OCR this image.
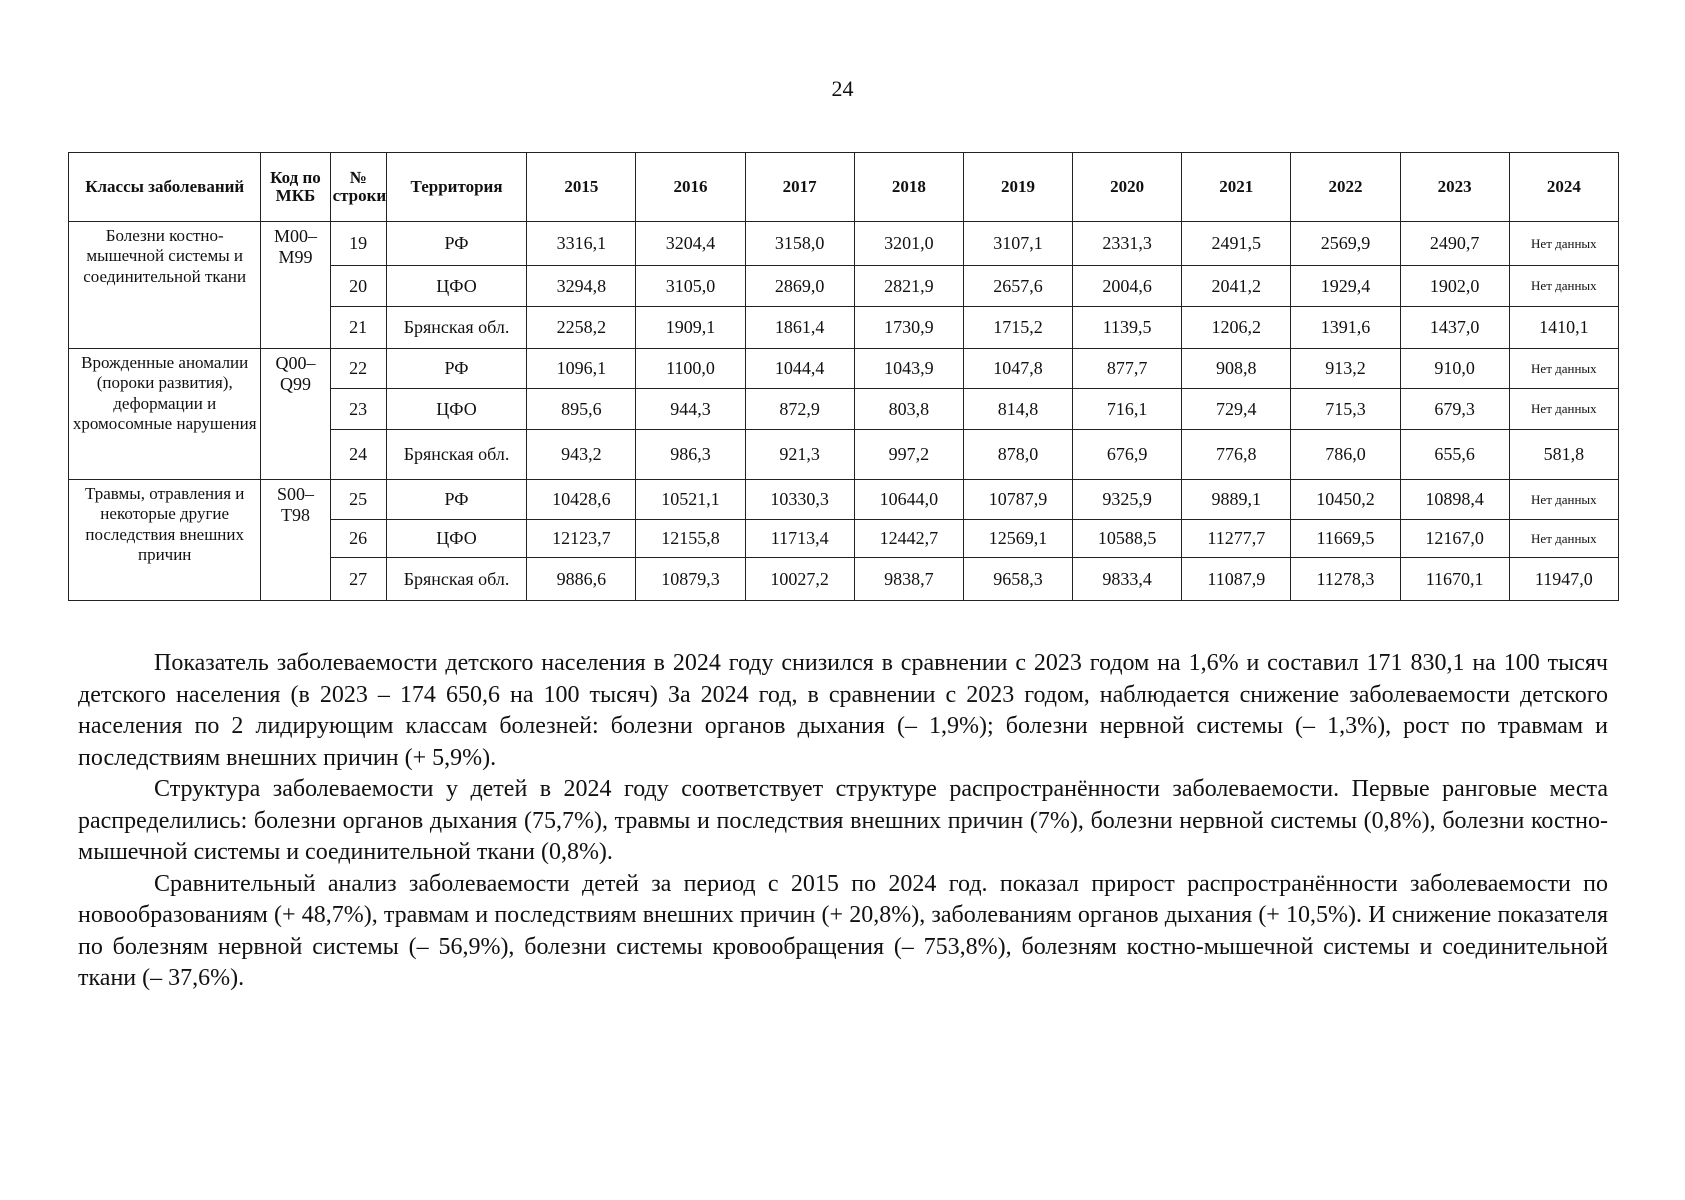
24
Классы заболеваний	Код по МКБ	№ строки	Территория	2015	2016	2017	2018	2019	2020	2021	2022	2023	2024
Болезни костно-мышечной системы и соединительной ткани	M00–M99	19	РФ	3316,1	3204,4	3158,0	3201,0	3107,1	2331,3	2491,5	2569,9	2490,7	Нет данных
		20	ЦФО	3294,8	3105,0	2869,0	2821,9	2657,6	2004,6	2041,2	1929,4	1902,0	Нет данных
		21	Брянская обл.	2258,2	1909,1	1861,4	1730,9	1715,2	1139,5	1206,2	1391,6	1437,0	1410,1
Врожденные аномалии (пороки развития), деформации и хромосомные нарушения	Q00–Q99	22	РФ	1096,1	1100,0	1044,4	1043,9	1047,8	877,7	908,8	913,2	910,0	Нет данных
		23	ЦФО	895,6	944,3	872,9	803,8	814,8	716,1	729,4	715,3	679,3	Нет данных
		24	Брянская обл.	943,2	986,3	921,3	997,2	878,0	676,9	776,8	786,0	655,6	581,8
Травмы, отравления и некоторые другие последствия внешних причин	S00–T98	25	РФ	10428,6	10521,1	10330,3	10644,0	10787,9	9325,9	9889,1	10450,2	10898,4	Нет данных
		26	ЦФО	12123,7	12155,8	11713,4	12442,7	12569,1	10588,5	11277,7	11669,5	12167,0	Нет данных
		27	Брянская обл.	9886,6	10879,3	10027,2	9838,7	9658,3	9833,4	11087,9	11278,3	11670,1	11947,0

Показатель заболеваемости детского населения в 2024 году снизился в сравнении с 2023 годом на 1,6% и составил 171 830,1 на 100 тысяч детского населения (в 2023 – 174 650,6 на 100 тысяч) За 2024 год, в сравнении с 2023 годом, наблюдается снижение заболеваемости детского населения по 2 лидирующим классам болезней: болезни органов дыхания (– 1,9%); болезни нервной системы (– 1,3%), рост по травмам и последствиям внешних причин (+ 5,9%).

Структура заболеваемости у детей в 2024 году соответствует структуре распространённости заболеваемости. Первые ранговые места распределились: болезни органов дыхания (75,7%), травмы и последствия внешних причин (7%), болезни нервной системы (0,8%), болезни костно-мышечной системы и соединительной ткани (0,8%).

Сравнительный анализ заболеваемости детей за период с 2015 по 2024 год. показал прирост распространённости заболеваемости по новообразованиям (+ 48,7%), травмам и последствиям внешних причин (+ 20,8%), заболеваниям органов дыхания (+ 10,5%). И снижение показателя по болезням нервной системы (– 56,9%), болезни системы кровообращения (– 753,8%), болезням костно-мышечной системы и соединительной ткани (– 37,6%).
